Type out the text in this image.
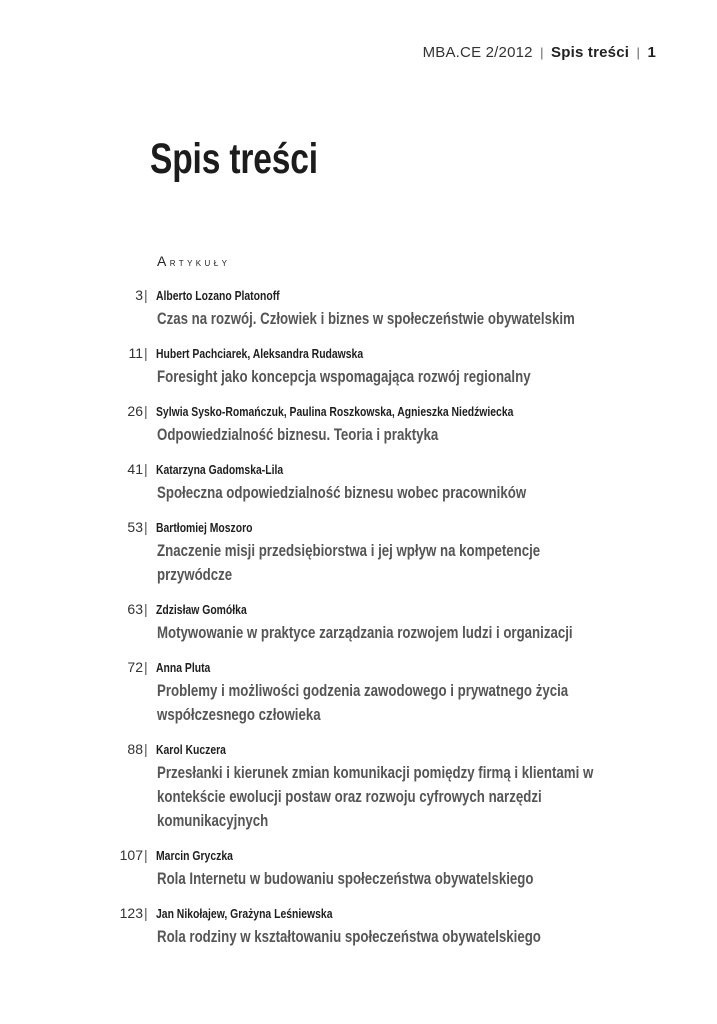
MBA.CE 2/2012 | Spis treści | 1
Spis treści
Artykuły
3 | Alberto Lozano Platonoff
Czas na rozwój. Człowiek i biznes w społeczeństwie obywatelskim
11 | Hubert Pachciarek, Aleksandra Rudawska
Foresight jako koncepcja wspomagająca rozwój regionalny
26 | Sylwia Sysko-Romańczuk, Paulina Roszkowska, Agnieszka Niedźwiecka
Odpowiedzialność biznesu. Teoria i praktyka
41 | Katarzyna Gadomska-Lila
Społeczna odpowiedzialność biznesu wobec pracowników
53 | Bartłomiej Moszoro
Znaczenie misji przedsiębiorstwa i jej wpływ na kompetencje przywódcze
63 | Zdzisław Gomółka
Motywowanie w praktyce zarządzania rozwojem ludzi i organizacji
72 | Anna Pluta
Problemy i możliwości godzenia zawodowego i prywatnego życia współczesnego człowieka
88 | Karol Kuczera
Przesłanki i kierunek zmian komunikacji pomiędzy firmą i klientami w kontekście ewolucji postaw oraz rozwoju cyfrowych narzędzi komunikacyjnych
107 | Marcin Gryczka
Rola Internetu w budowaniu społeczeństwa obywatelskiego
123 | Jan Nikołajew, Grażyna Leśniewska
Rola rodziny w kształtowaniu społeczeństwa obywatelskiego
